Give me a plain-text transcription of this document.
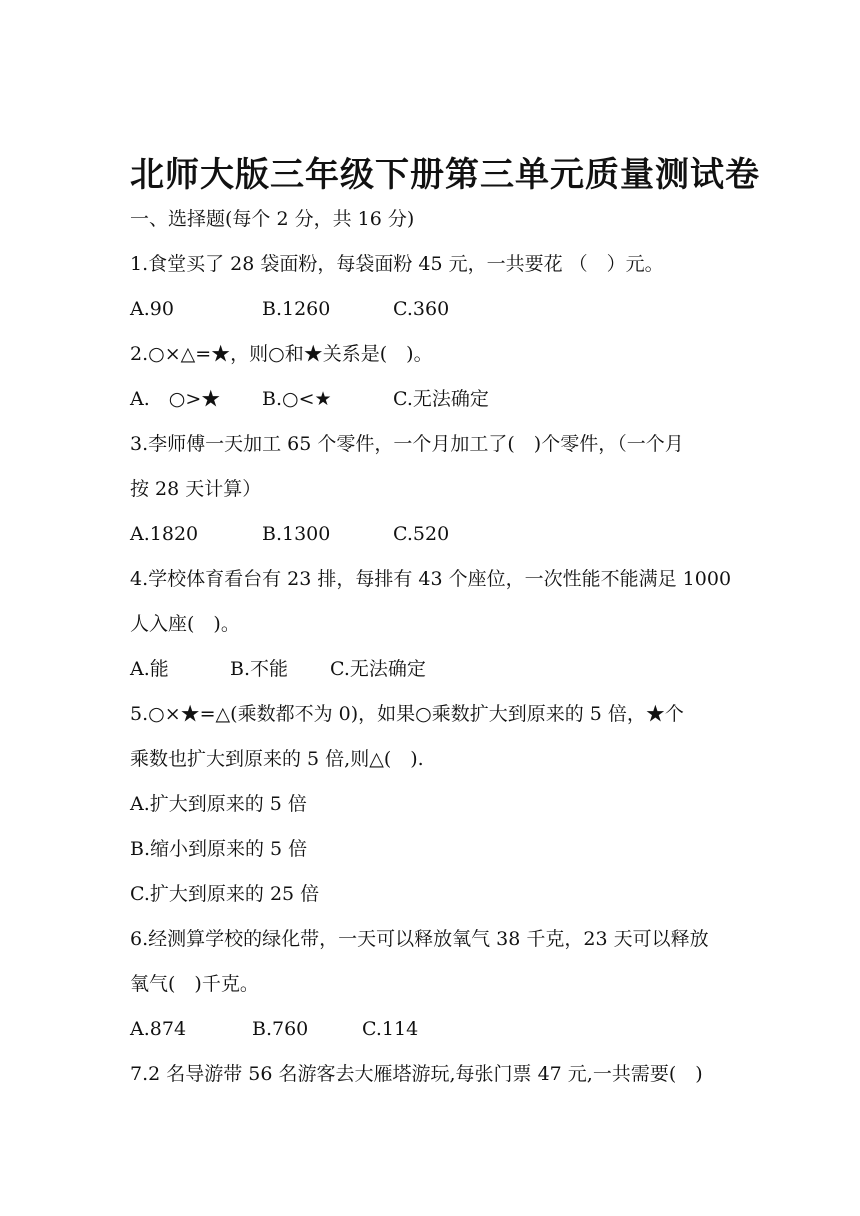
北师大版三年级下册第三单元质量测试卷
一、选择题(每个 2 分，共 16 分)
1.食堂买了 28 袋面粉，每袋面粉 45 元，一共要花 （　）元。
A.90	B.1260	C.360
2.○×△=★，则○和★关系是(　)。
A.　○>★ B.○<★	C.无法确定
3.李师傅一天加工 65 个零件，一个月加工了(　)个零件，（一个月
按 28 天计算）
A.1820	B.1300	C.520
4.学校体育看台有 23 排，每排有 43 个座位，一次性能不能满足 1000
人入座(　)。
A.能	B.不能 C.无法确定
5.○×★=△(乘数都不为 0)，如果○乘数扩大到原来的 5 倍，★个
乘数也扩大到原来的 5 倍,则△(　).
A.扩大到原来的 5 倍
B.缩小到原来的 5 倍
C.扩大到原来的 25 倍
6.经测算学校的绿化带，一天可以释放氧气 38 千克，23 天可以释放
氧气(　)千克。
A.874	B.760	C.114
7.2 名导游带 56 名游客去大雁塔游玩,每张门票 47 元,一共需要(　)
